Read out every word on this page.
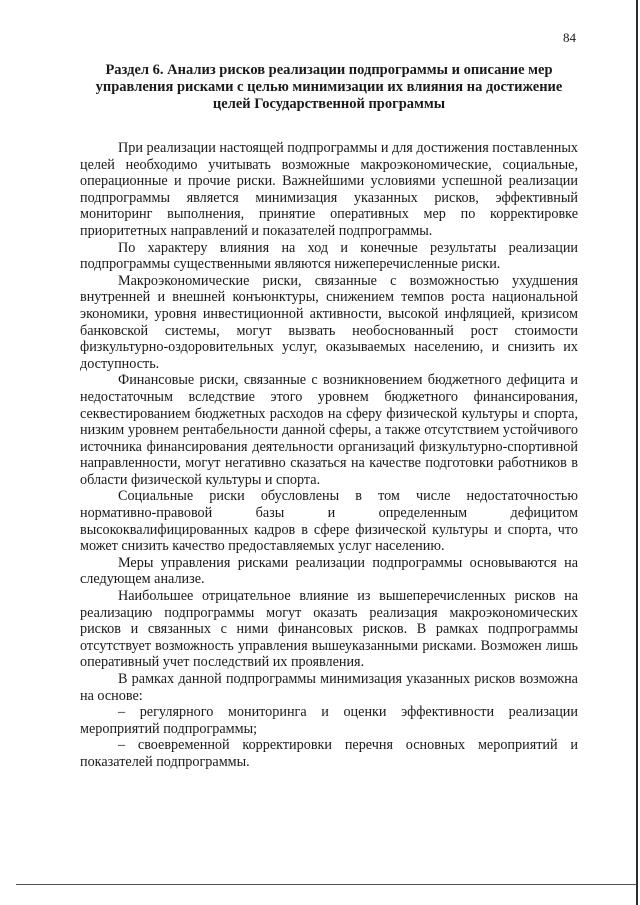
84
Раздел 6. Анализ рисков реализации подпрограммы и описание мер управления рисками с целью минимизации их влияния на достижение целей Государственной программы

При реализации настоящей подпрограммы и для достижения поставленных целей необходимо учитывать возможные макроэкономические, социальные, операционные и прочие риски. Важнейшими условиями успешной реализации подпрограммы является минимизация указанных рисков, эффективный мониторинг выполнения, принятие оперативных мер по корректировке приоритетных направлений и показателей подпрограммы.

По характеру влияния на ход и конечные результаты реализации подпрограммы существенными являются нижеперечисленные риски.

Макроэкономические риски, связанные с возможностью ухудшения внутренней и внешней конъюнктуры, снижением темпов роста национальной экономики, уровня инвестиционной активности, высокой инфляцией, кризисом банковской системы, могут вызвать необоснованный рост стоимости физкультурно-оздоровительных услуг, оказываемых населению, и снизить их доступность.

Финансовые риски, связанные с возникновением бюджетного дефицита и недостаточным вследствие этого уровнем бюджетного финансирования, секвестированием бюджетных расходов на сферу физической культуры и спорта, низким уровнем рентабельности данной сферы, а также отсутствием устойчивого источника финансирования деятельности организаций физкультурно-спортивной направленности, могут негативно сказаться на качестве подготовки работников в области физической культуры и спорта.

Социальные риски обусловлены в том числе недостаточностью нормативно-правовой базы и определенным дефицитом высококвалифицированных кадров в сфере физической культуры и спорта, что может снизить качество предоставляемых услуг населению.

Меры управления рисками реализации подпрограммы основываются на следующем анализе.

Наибольшее отрицательное влияние из вышеперечисленных рисков на реализацию подпрограммы могут оказать реализация макроэкономических рисков и связанных с ними финансовых рисков. В рамках подпрограммы отсутствует возможность управления вышеуказанными рисками. Возможен лишь оперативный учет последствий их проявления.

В рамках данной подпрограммы минимизация указанных рисков возможна на основе:

– регулярного мониторинга и оценки эффективности реализации мероприятий подпрограммы;

– своевременной корректировки перечня основных мероприятий и показателей подпрограммы.
